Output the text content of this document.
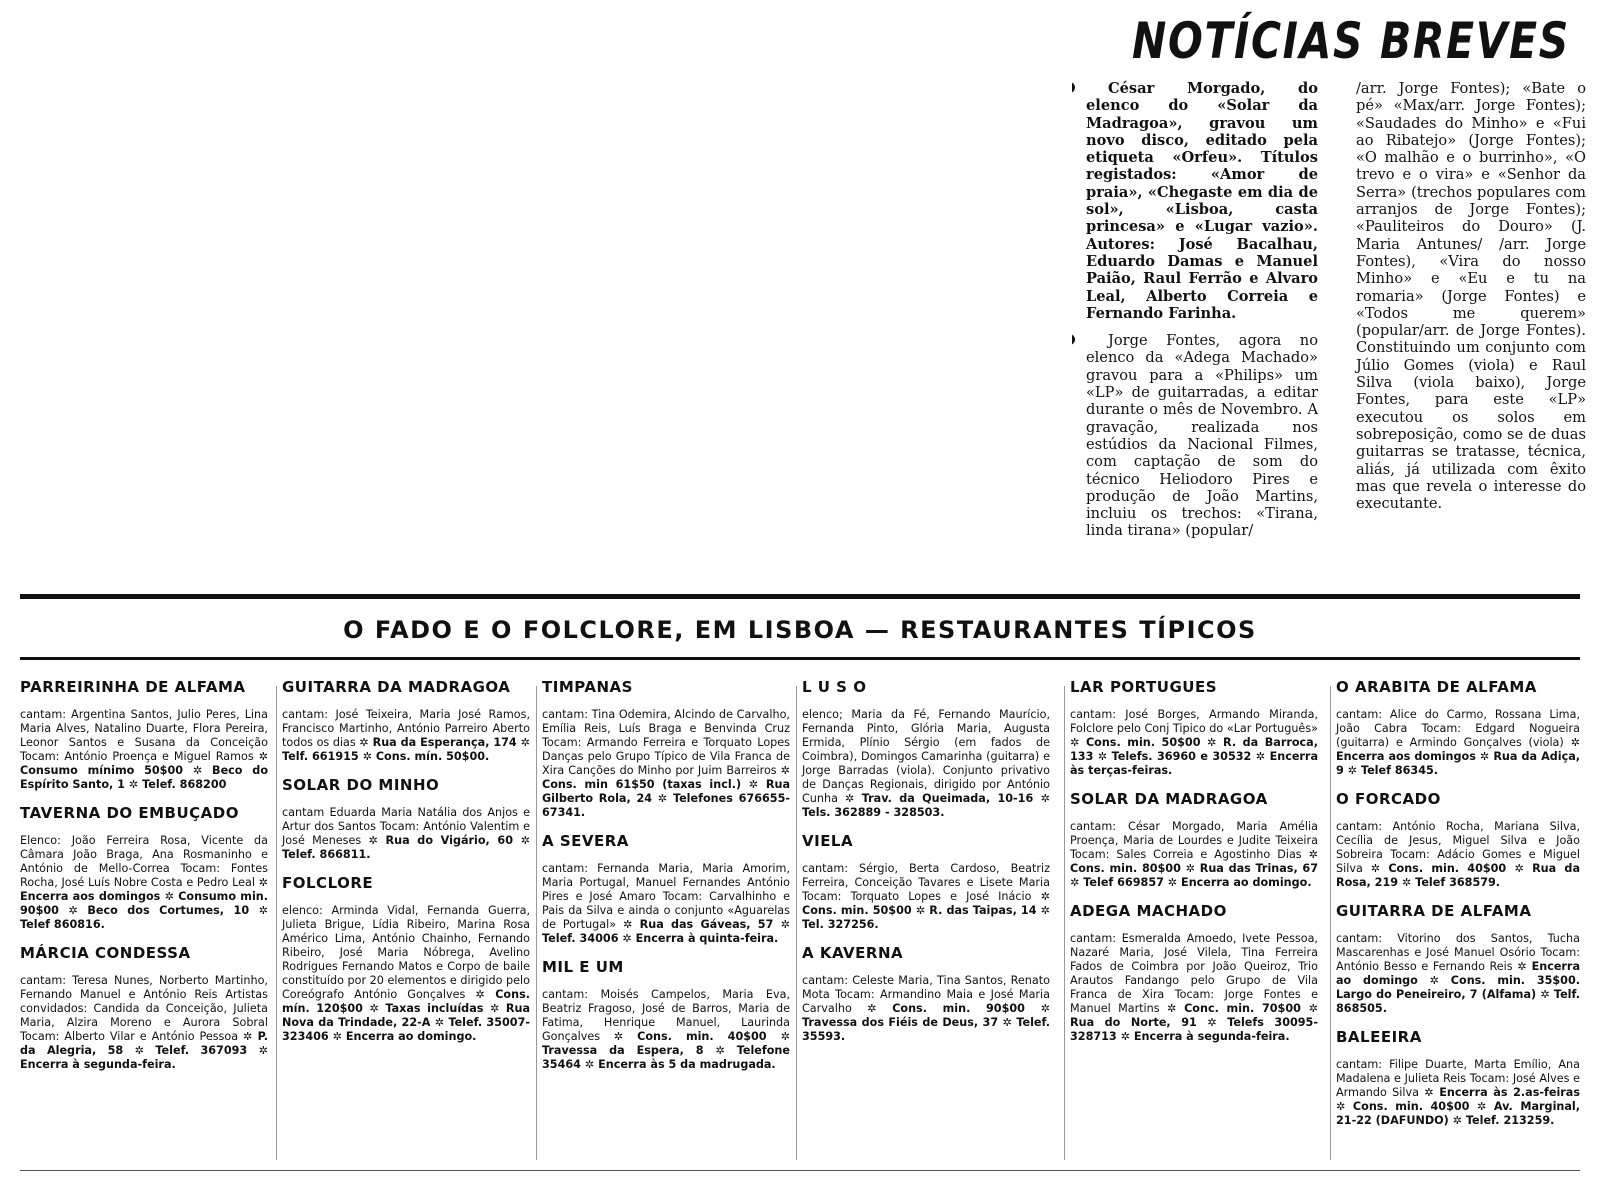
NOTÍCIAS BREVES

César Morgado, do elenco do «Solar da Madragoa», gravou um novo disco, editado pela etiqueta «Orfeu». Títulos registados: «Amor de praia», «Chegaste em dia de sol», «Lisboa, casta princesa» e «Lugar vazio». Autores: José Bacalhau, Eduardo Damas e Manuel Paião, Raul Ferrão e Alvaro Leal, Alberto Correia e Fernando Farinha.

Jorge Fontes, agora no elenco da «Adega Machado» gravou para a «Philips» um «LP» de guitarradas, a editar durante o mês de Novembro. A gravação, realizada nos estúdios da Nacional Filmes, com captação de som do técnico Heliodoro Pires e produção de João Martins, incluiu os trechos: «Tirana, linda tirana» (popular/

/arr. Jorge Fontes); «Bate o pé» «Max/arr. Jorge Fontes); «Saudades do Minho» e «Fui ao Ribatejo» (Jorge Fontes); «O malhão e o burrinho», «O trevo e o vira» e «Senhor da Serra» (trechos populares com arranjos de Jorge Fontes); «Pauliteiros do Douro» (J. Maria Antunes/ /arr. Jorge Fontes), «Vira do nosso Minho» e «Eu e tu na romaria» (Jorge Fontes) e «Todos me querem» (popular/arr. de Jorge Fontes). Constituindo um conjunto com Júlio Gomes (viola) e Raul Silva (viola baixo), Jorge Fontes, para este «LP» executou os solos em sobreposição, como se de duas guitarras se tratasse, técnica, aliás, já utilizada com êxito mas que revela o interesse do executante.

O FADO E O FOLCLORE, EM LISBOA — RESTAURANTES TÍPICOS
PARREIRINHA DE ALFAMA

cantam: Argentina Santos, Julio Peres, Lina Maria Alves, Natalino Duarte, Flora Pereira, Leonor Santos e Susana da Conceição Tocam: António Proença e Miguel Ramos ✲ Consumo mínimo 50$00 ✲ Beco do Espírito Santo, 1 ✲ Telef. 868200

TAVERNA DO EMBUÇADO

Elenco: João Ferreira Rosa, Vicente da Câmara João Braga, Ana Rosmaninho e António de Mello-Correa Tocam: Fontes Rocha, José Luís Nobre Costa e Pedro Leal ✲ Encerra aos domingos ✲ Consumo min. 90$00 ✲ Beco dos Cortumes, 10 ✲ Telef 860816.

MÁRCIA CONDESSA

cantam: Teresa Nunes, Norberto Martinho, Fernando Manuel e António Reis Artistas convidados: Candida da Conceição, Julieta Maria, Alzira Moreno e Aurora Sobral Tocam: Alberto Vilar e António Pessoa ✲ P. da Alegria, 58 ✲ Telef. 367093 ✲ Encerra à segunda-feira.

GUITARRA DA MADRAGOA

cantam: José Teixeira, Maria José Ramos, Francisco Martinho, António Parreiro Aberto todos os dias ✲ Rua da Esperança, 174 ✲ Telf. 661915 ✲ Cons. mín. 50$00.

SOLAR DO MINHO

cantam Eduarda Maria Natália dos Anjos e Artur dos Santos Tocam: António Valentim e José Meneses ✲ Rua do Vigário, 60 ✲ Telef. 866811.

FOLCLORE

elenco: Arminda Vidal, Fernanda Guerra, Julieta Brigue, Lídia Ribeiro, Marina Rosa Américo Lima, António Chainho, Fernando Ribeiro, José Maria Nóbrega, Avelino Rodrigues Fernando Matos e Corpo de baile constituído por 20 elementos e dirigido pelo Coreógrafo António Gonçalves ✲ Cons. mín. 120$00 ✲ Taxas incluídas ✲ Rua Nova da Trindade, 22-A ✲ Telef. 35007-323406 ✲ Encerra ao domingo.

TIMPANAS

cantam: Tina Odemira, Alcindo de Carvalho, Emília Reis, Luís Braga e Benvinda Cruz Tocam: Armando Ferreira e Torquato Lopes Danças pelo Grupo Típico de Vila Franca de Xira Canções do Minho por Juim Barreiros ✲ Cons. min 61$50 (taxas incl.) ✲ Rua Gilberto Rola, 24 ✲ Telefones 676655-67341.

A SEVERA

cantam: Fernanda Maria, Maria Amorim, Maria Portugal, Manuel Fernandes António Pires e José Amaro Tocam: Carvalhinho e Pais da Silva e ainda o conjunto «Aguarelas de Portugal» ✲ Rua das Gáveas, 57 ✲ Telef. 34006 ✲ Encerra à quinta-feira.

MIL E UM

cantam: Moisés Campelos, Maria Eva, Beatriz Fragoso, José de Barros, Maria de Fatima, Henrique Manuel, Laurinda Gonçalves ✲ Cons. min. 40$00 ✲ Travessa da Espera, 8 ✲ Telefone 35464 ✲ Encerra às 5 da madrugada.

L U S O

elenco; Maria da Fé, Fernando Maurício, Fernanda Pinto, Glória Maria, Augusta Ermida, Plínio Sérgio (em fados de Coimbra), Domingos Camarinha (guitarra) e Jorge Barradas (viola). Conjunto privativo de Danças Regionais, dirigido por António Cunha ✲ Trav. da Queimada, 10-16 ✲ Tels. 362889 - 328503.

VIELA

cantam: Sérgio, Berta Cardoso, Beatriz Ferreira, Conceição Tavares e Lisete Maria Tocam: Torquato Lopes e José Inácio ✲ Cons. min. 50$00 ✲ R. das Taipas, 14 ✲ Tel. 327256.

A KAVERNA

cantam: Celeste Maria, Tina Santos, Renato Mota Tocam: Armandino Maia e José Maria Carvalho ✲ Cons. min. 90$00 ✲ Travessa dos Fiéis de Deus, 37 ✲ Telef. 35593.

LAR PORTUGUES

cantam: José Borges, Armando Miranda, Folclore pelo Conj Tipico do «Lar Português» ✲ Cons. min. 50$00 ✲ R. da Barroca, 133 ✲ Telefs. 36960 e 30532 ✲ Encerra às terças-feiras.

SOLAR DA MADRAGOA

cantam: César Morgado, Maria Amélia Proença, Maria de Lourdes e Judite Teixeira Tocam: Sales Correia e Agostinho Dias ✲ Cons. min. 80$00 ✲ Rua das Trinas, 67 ✲ Telef 669857 ✲ Encerra ao domingo.

ADEGA MACHADO

cantam: Esmeralda Amoedo, Ivete Pessoa, Nazaré Maria, José Vilela, Tina Ferreira Fados de Coimbra por João Queiroz, Trio Arautos Fandango pelo Grupo de Vila Franca de Xira Tocam: Jorge Fontes e Manuel Martins ✲ Conc. min. 70$00 ✲ Rua do Norte, 91 ✲ Telefs 30095-328713 ✲ Encerra à segunda-feira.

O ARABITA DE ALFAMA

cantam: Alice do Carmo, Rossana Lima, João Cabra Tocam: Edgard Nogueira (guitarra) e Armindo Gonçalves (viola) ✲ Encerra aos domingos ✲ Rua da Adiça, 9 ✲ Telef 86345.

O FORCADO

cantam: António Rocha, Mariana Silva, Cecília de Jesus, Miguel Silva e João Sobreira Tocam: Adácio Gomes e Miguel Silva ✲ Cons. min. 40$00 ✲ Rua da Rosa, 219 ✲ Telef 368579.

GUITARRA DE ALFAMA

cantam: Vitorino dos Santos, Tucha Mascarenhas e José Manuel Osório Tocam: António Besso e Fernando Reis ✲ Encerra ao domingo ✲ Cons. min. 35$00. Largo do Peneireiro, 7 (Alfama) ✲ Telf. 868505.

BALEEIRA

cantam: Filipe Duarte, Marta Emílio, Ana Madalena e Julieta Reis Tocam: José Alves e Armando Silva ✲ Encerra às 2.as-feiras ✲ Cons. min. 40$00 ✲ Av. Marginal, 21-22 (DAFUNDO) ✲ Telef. 213259.
